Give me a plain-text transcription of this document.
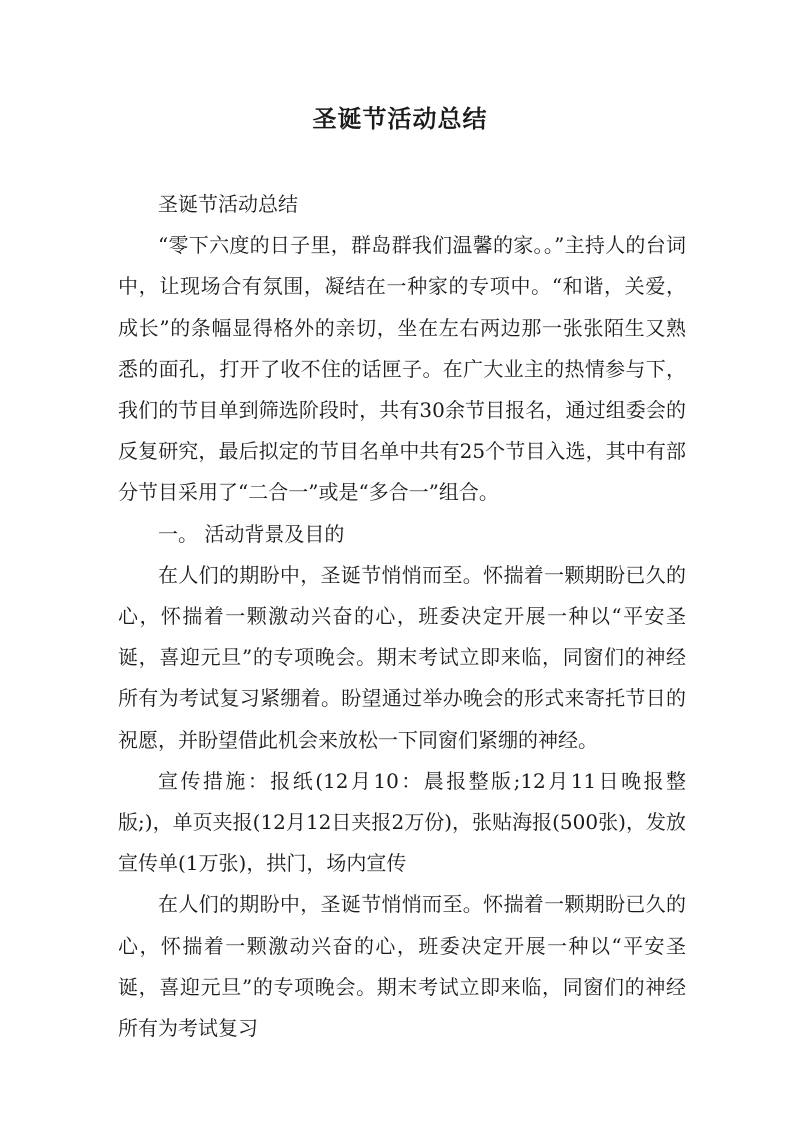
圣诞节活动总结

圣诞节活动总结

“零下六度的日子里，群岛群我们温馨的家。。”主持人的台词中，让现场合有氛围，凝结在一种家的专项中。“和谐，关爱，成长”的条幅显得格外的亲切，坐在左右两边那一张张陌生又熟悉的面孔，打开了收不住的话匣子。在广大业主的热情参与下，我们的节目单到筛选阶段时，共有30余节目报名，通过组委会的反复研究，最后拟定的节目名单中共有25个节目入选，其中有部分节目采用了“二合一”或是“多合一”组合。

一。 活动背景及目的

在人们的期盼中，圣诞节悄悄而至。怀揣着一颗期盼已久的心，怀揣着一颗激动兴奋的心，班委决定开展一种以“平安圣诞，喜迎元旦”的专项晚会。期末考试立即来临，同窗们的神经所有为考试复习紧绷着。盼望通过举办晚会的形式来寄托节日的祝愿，并盼望借此机会来放松一下同窗们紧绷的神经。

宣传措施：报纸(12月10：晨报整版;12月11日晚报整版;)，单页夹报(12月12日夹报2万份)，张贴海报(500张)，发放宣传单(1万张)，拱门，场内宣传

在人们的期盼中，圣诞节悄悄而至。怀揣着一颗期盼已久的心，怀揣着一颗激动兴奋的心，班委决定开展一种以“平安圣诞，喜迎元旦”的专项晚会。期末考试立即来临，同窗们的神经所有为考试复习
